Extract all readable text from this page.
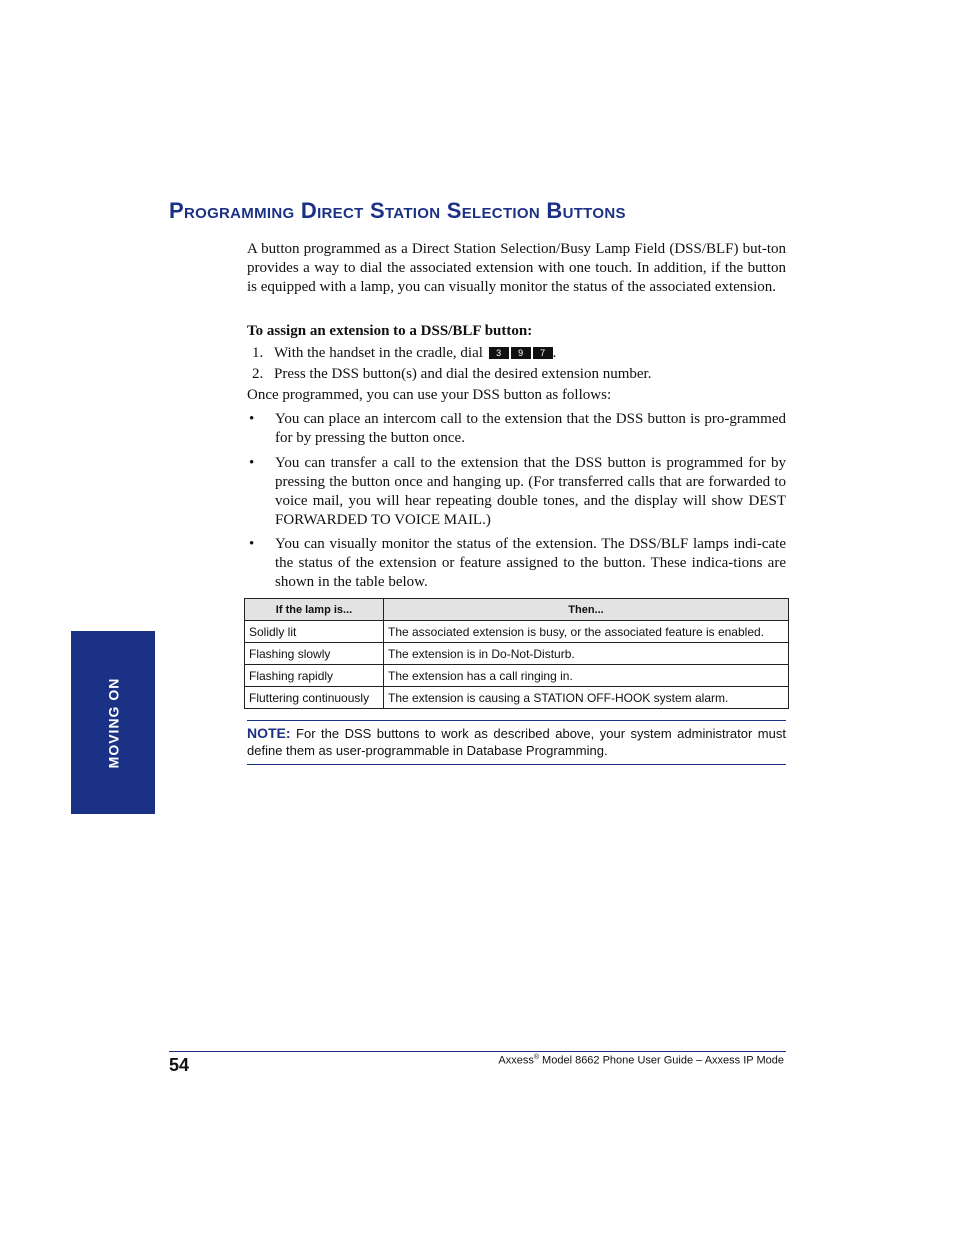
MOVING ON
Programming Direct Station Selection Buttons

A button programmed as a Direct Station Selection/Busy Lamp Field (DSS/BLF) but-ton provides a way to dial the associated extension with one touch. In addition, if the button is equipped with a lamp, you can visually monitor the status of the associated extension.

To assign an extension to a DSS/BLF button:

1. With the handset in the cradle, dial 3 9 7 .
2. Press the DSS button(s) and dial the desired extension number.

Once programmed, you can use your DSS button as follows:

• You can place an intercom call to the extension that the DSS button is pro-grammed for by pressing the button once.
• You can transfer a call to the extension that the DSS button is programmed for by pressing the button once and hanging up. (For transferred calls that are forwarded to voice mail, you will hear repeating double tones, and the display will show DEST FORWARDED TO VOICE MAIL.)
• You can visually monitor the status of the extension. The DSS/BLF lamps indi-cate the status of the extension or feature assigned to the button. These indica-tions are shown in the table below.
If the lamp is...	Then...
Solidly lit	The associated extension is busy, or the associated feature is enabled.
Flashing slowly	The extension is in Do-Not-Disturb.
Flashing rapidly	The extension has a call ringing in.
Fluttering continuously	The extension is causing a STATION OFF-HOOK system alarm.
NOTE: For the DSS buttons to work as described above, your system administrator must define them as user-programmable in Database Programming.
54	Axxess® Model 8662 Phone User Guide – Axxess IP Mode
